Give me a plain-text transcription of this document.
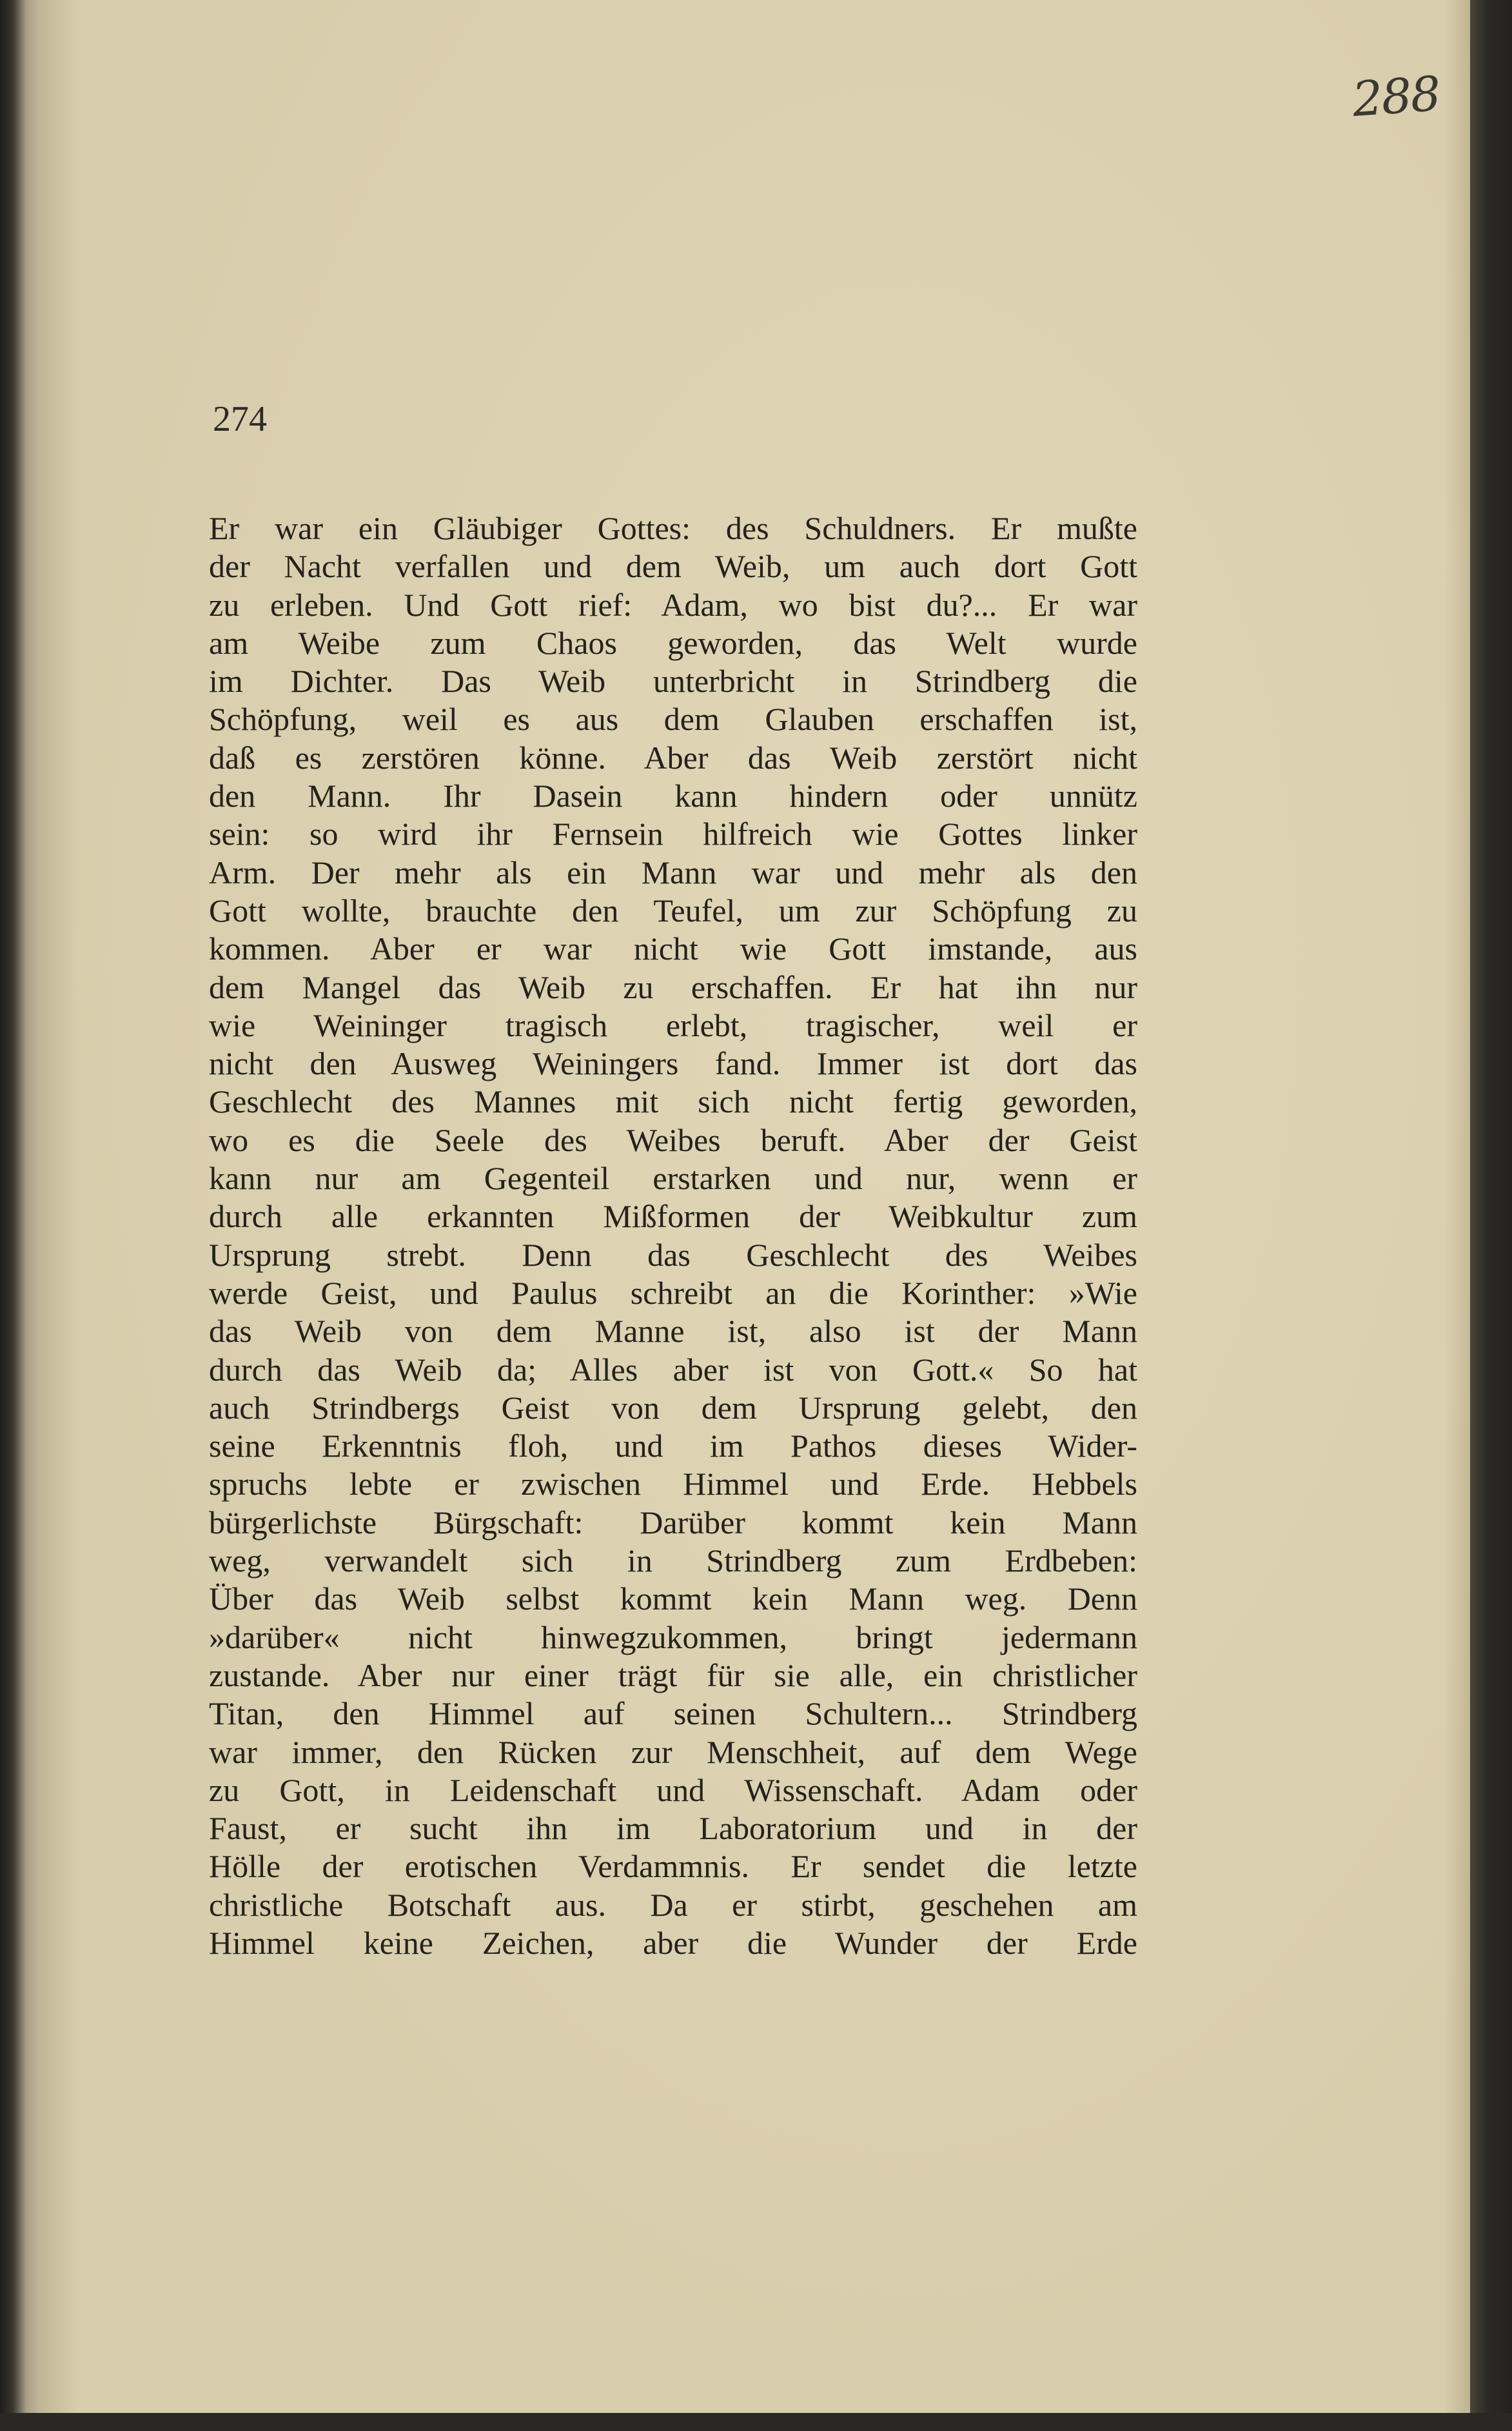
288

274

Er war ein Gläubiger Gottes: des Schuldners. Er mußte
der Nacht verfallen und dem Weib, um auch dort Gott
zu erleben. Und Gott rief: Adam, wo bist du?... Er war
am Weibe zum Chaos geworden, das Welt wurde
im Dichter. Das Weib unterbricht in Strindberg die
Schöpfung, weil es aus dem Glauben erschaffen ist,
daß es zerstören könne. Aber das Weib zerstört nicht
den Mann. Ihr Dasein kann hindern oder unnütz
sein: so wird ihr Fernsein hilfreich wie Gottes linker
Arm. Der mehr als ein Mann war und mehr als den
Gott wollte, brauchte den Teufel, um zur Schöpfung zu
kommen. Aber er war nicht wie Gott imstande, aus
dem Mangel das Weib zu erschaffen. Er hat ihn nur
wie Weininger tragisch erlebt, tragischer, weil er
nicht den Ausweg Weiningers fand. Immer ist dort das
Geschlecht des Mannes mit sich nicht fertig geworden,
wo es die Seele des Weibes beruft. Aber der Geist
kann nur am Gegenteil erstarken und nur, wenn er
durch alle erkannten Mißformen der Weibkultur zum
Ursprung strebt. Denn das Geschlecht des Weibes
werde Geist, und Paulus schreibt an die Korinther: »Wie
das Weib von dem Manne ist, also ist der Mann
durch das Weib da; Alles aber ist von Gott.« So hat
auch Strindbergs Geist von dem Ursprung gelebt, den
seine Erkenntnis floh, und im Pathos dieses Wider-
spruchs lebte er zwischen Himmel und Erde. Hebbels
bürgerlichste Bürgschaft: Darüber kommt kein Mann
weg, verwandelt sich in Strindberg zum Erdbeben:
Über das Weib selbst kommt kein Mann weg. Denn
»darüber« nicht hinwegzukommen, bringt jedermann
zustande. Aber nur einer trägt für sie alle, ein christlicher
Titan, den Himmel auf seinen Schultern... Strindberg
war immer, den Rücken zur Menschheit, auf dem Wege
zu Gott, in Leidenschaft und Wissenschaft. Adam oder
Faust, er sucht ihn im Laboratorium und in der
Hölle der erotischen Verdammnis. Er sendet die letzte
christliche Botschaft aus. Da er stirbt, geschehen am
Himmel keine Zeichen, aber die Wunder der Erde
